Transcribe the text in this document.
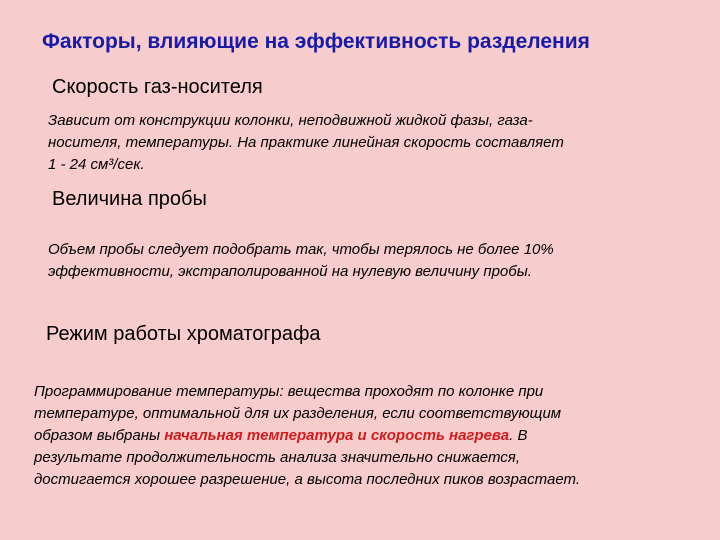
Факторы, влияющие на эффективность разделения
Скорость газ-носителя
Зависит от конструкции колонки, неподвижной жидкой фазы, газа-
носителя, температуры. На практике линейная скорость составляет
1 - 24 см³/сек.
Величина пробы
Объем пробы следует подобрать так, чтобы терялось не более 10%
эффективности, экстраполированной на нулевую величину пробы.
Режим работы хроматографа
Программирование температуры: вещества проходят по колонке при
температуре, оптимальной для их разделения, если соответствующим
образом выбраны начальная температура и скорость нагрева. В
результате продолжительность анализа значительно снижается,
достигается хорошее разрешение, а высота последних пиков возрастает.
